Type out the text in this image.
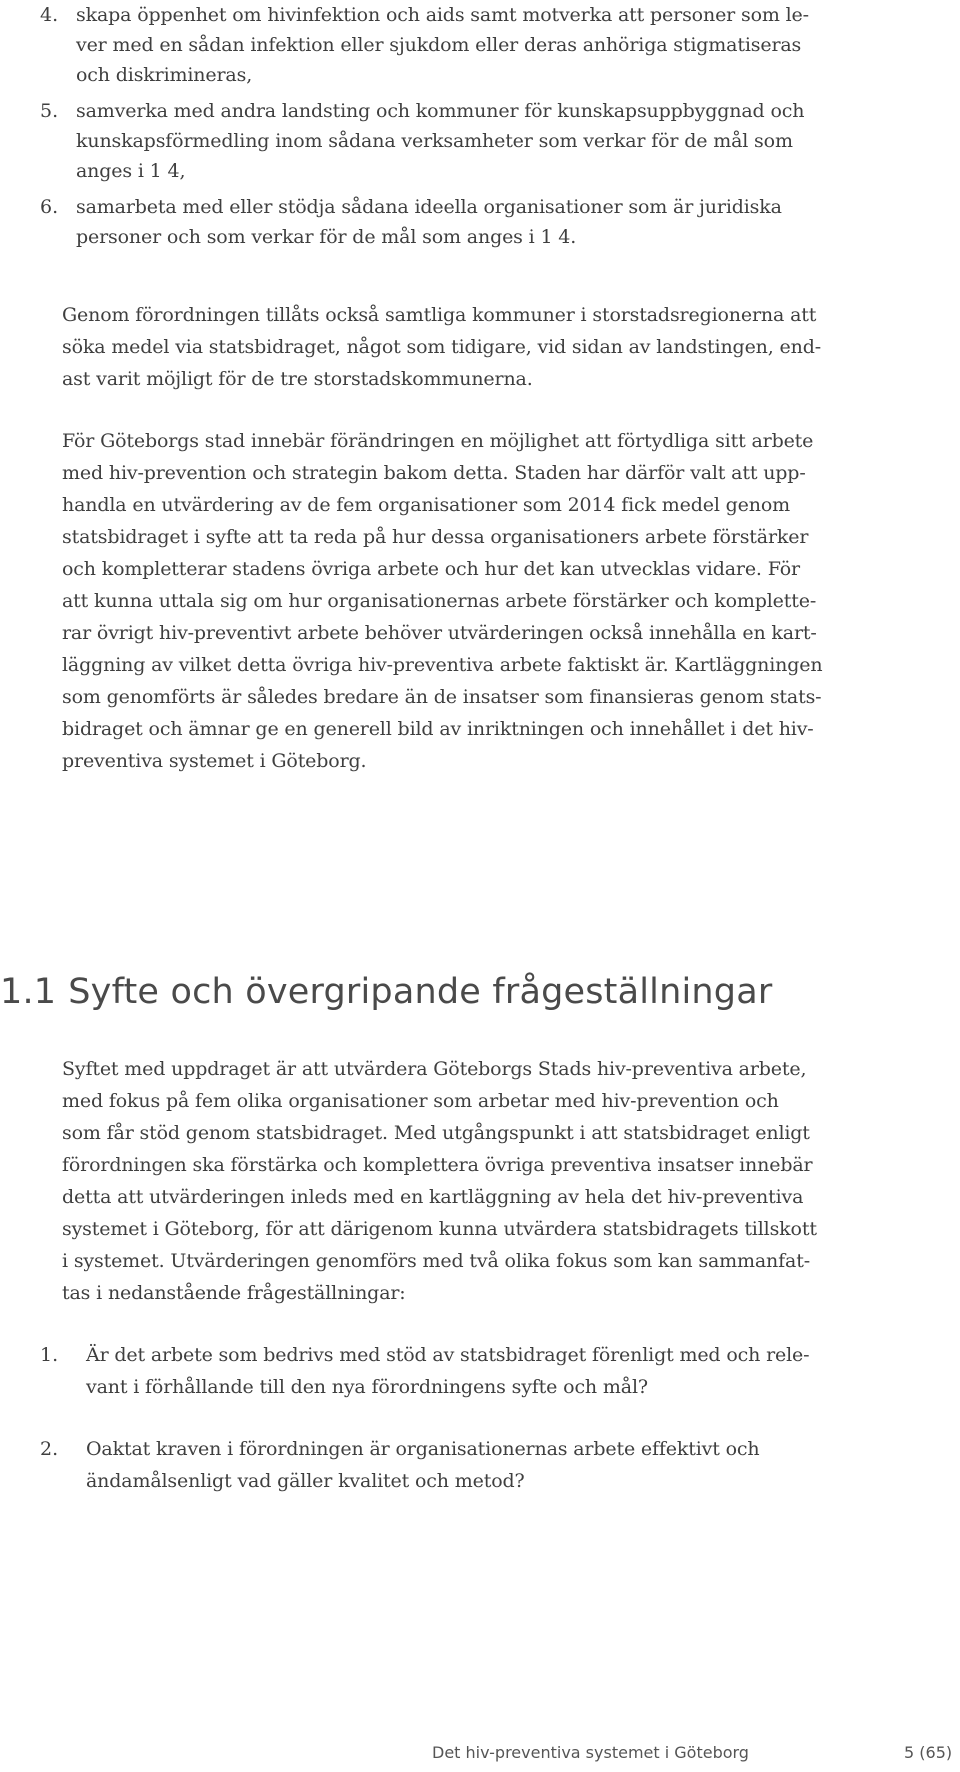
4. skapa öppenhet om hivinfektion och aids samt motverka att personer som le-
ver med en sådan infektion eller sjukdom eller deras anhöriga stigmatiseras
och diskrimineras,
5. samverka med andra landsting och kommuner för kunskapsuppbyggnad och
kunskapsförmedling inom sådana verksamheter som verkar för de mål som
anges i 1 4,
6. samarbeta med eller stödja sådana ideella organisationer som är juridiska
personer och som verkar för de mål som anges i 1 4.
Genom förordningen tillåts också samtliga kommuner i storstadsregionerna att
söka medel via statsbidraget, något som tidigare, vid sidan av landstingen, end-
ast varit möjligt för de tre storstadskommunerna.
För Göteborgs stad innebär förändringen en möjlighet att förtydliga sitt arbete
med hiv-prevention och strategin bakom detta. Staden har därför valt att upp-
handla en utvärdering av de fem organisationer som 2014 fick medel genom
statsbidraget i syfte att ta reda på hur dessa organisationers arbete förstärker
och kompletterar stadens övriga arbete och hur det kan utvecklas vidare. För
att kunna uttala sig om hur organisationernas arbete förstärker och komplette-
rar övrigt hiv-preventivt arbete behöver utvärderingen också innehålla en kart-
läggning av vilket detta övriga hiv-preventiva arbete faktiskt är. Kartläggningen
som genomförts är således bredare än de insatser som finansieras genom stats-
bidraget och ämnar ge en generell bild av inriktningen och innehållet i det hiv-
preventiva systemet i Göteborg.
1.1 Syfte och övergripande frågeställningar
Syftet med uppdraget är att utvärdera Göteborgs Stads hiv-preventiva arbete,
med fokus på fem olika organisationer som arbetar med hiv-prevention och
som får stöd genom statsbidraget. Med utgångspunkt i att statsbidraget enligt
förordningen ska förstärka och komplettera övriga preventiva insatser innebär
detta att utvärderingen inleds med en kartläggning av hela det hiv-preventiva
systemet i Göteborg, för att därigenom kunna utvärdera statsbidragets tillskott
i systemet. Utvärderingen genomförs med två olika fokus som kan sammanfat-
tas i nedanstående frågeställningar:
1. Är det arbete som bedrivs med stöd av statsbidraget förenligt med och rele-
vant i förhållande till den nya förordningens syfte och mål?
2. Oaktat kraven i förordningen är organisationernas arbete effektivt och
ändamålsenligt vad gäller kvalitet och metod?
Det hiv-preventiva systemet i Göteborg	5 (65)
